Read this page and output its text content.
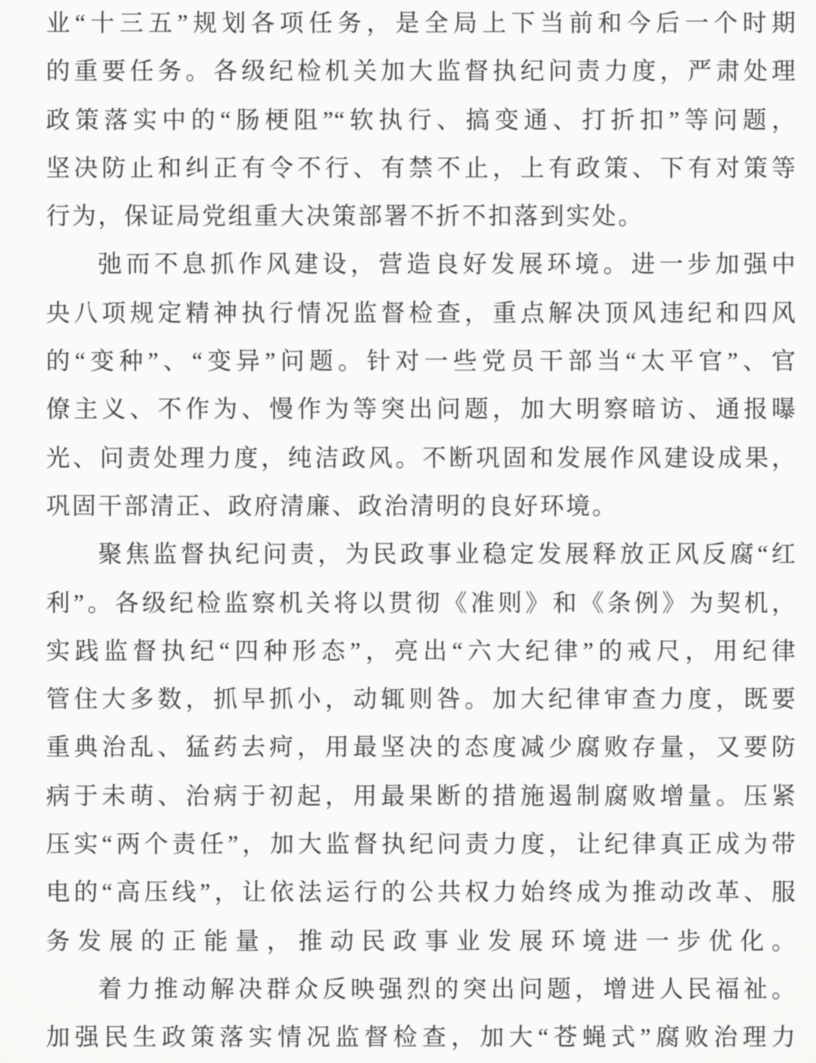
业“十三五”规划各项任务，是全局上下当前和今后一个时期
的重要任务。各级纪检机关加大监督执纪问责力度，严肃处理
政策落实中的“肠梗阻”“软执行、搞变通、打折扣”等问题，
坚决防止和纠正有令不行、有禁不止，上有政策、下有对策等
行为，保证局党组重大决策部署不折不扣落到实处。
弛而不息抓作风建设，营造良好发展环境。进一步加强中
央八项规定精神执行情况监督检查，重点解决顶风违纪和四风
的“变种”、“变异”问题。针对一些党员干部当“太平官”、官
僚主义、不作为、慢作为等突出问题，加大明察暗访、通报曝
光、问责处理力度，纯洁政风。不断巩固和发展作风建设成果，
巩固干部清正、政府清廉、政治清明的良好环境。
聚焦监督执纪问责，为民政事业稳定发展释放正风反腐“红
利”。各级纪检监察机关将以贯彻《准则》和《条例》为契机，
实践监督执纪“四种形态”，亮出“六大纪律”的戒尺，用纪律
管住大多数，抓早抓小，动辄则咎。加大纪律审查力度，既要
重典治乱、猛药去疴，用最坚决的态度减少腐败存量，又要防
病于未萌、治病于初起，用最果断的措施遏制腐败增量。压紧
压实“两个责任”，加大监督执纪问责力度，让纪律真正成为带
电的“高压线”，让依法运行的公共权力始终成为推动改革、服
务发展的正能量，推动民政事业发展环境进一步优化。
着力推动解决群众反映强烈的突出问题，增进人民福祉。
加强民生政策落实情况监督检查，加大“苍蝇式”腐败治理力
